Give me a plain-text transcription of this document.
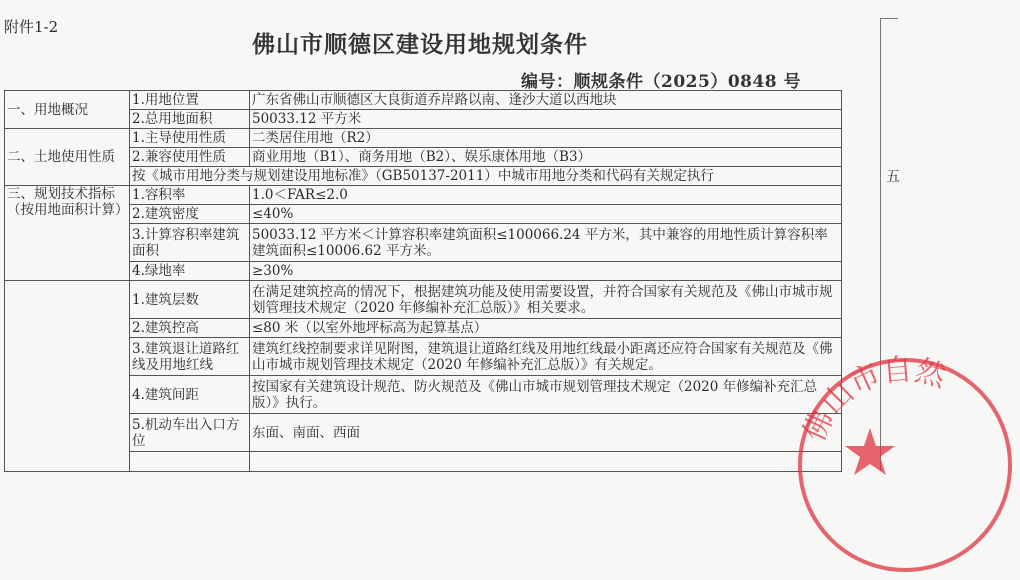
附件1-2
佛山市顺德区建设用地规划条件
编号：顺规条件（2025）0848 号
一、用地概况	1.用地位置	广东省佛山市顺德区大良街道乔岸路以南、逢沙大道以西地块
	2.总用地面积	50033.12 平方米
二、土地使用性质	1.主导使用性质	二类居住用地（R2）
	2.兼容使用性质	商业用地（B1）、商务用地（B2）、娱乐康体用地（B3）
	按《城市用地分类与规划建设用地标准》（GB50137-2011）中城市用地分类和代码有关规定执行	
三、规划技术指标（按用地面积计算）	1.容积率	1.0＜FAR≤2.0
	2.建筑密度	≤40%
	3.计算容积率建筑面积	50033.12 平方米＜计算容积率建筑面积≤100066.24 平方米，其中兼容的用地性质计算容积率建筑面积≤10006.62 平方米。
	4.绿地率	≥30%

	1.建筑层数	在满足建筑控高的情况下，根据建筑功能及使用需要设置，并符合国家有关规范及《佛山市城市规划管理技术规定（2020 年修编补充汇总版）》相关要求。
	2.建筑控高	≤80 米（以室外地坪标高为起算基点）
	3.建筑退让道路红线及用地红线	建筑红线控制要求详见附图，建筑退让道路红线及用地红线最小距离还应符合国家有关规范及《佛山市城市规划管理技术规定（2020 年修编补充汇总版）》有关规定。
	4.建筑间距	按国家有关建筑设计规范、防火规范及《佛山市城市规划管理技术规定（2020 年修编补充汇总版）》执行。
	5.机动车出入口方位	东面、南面、西面

五
佛山市自然
